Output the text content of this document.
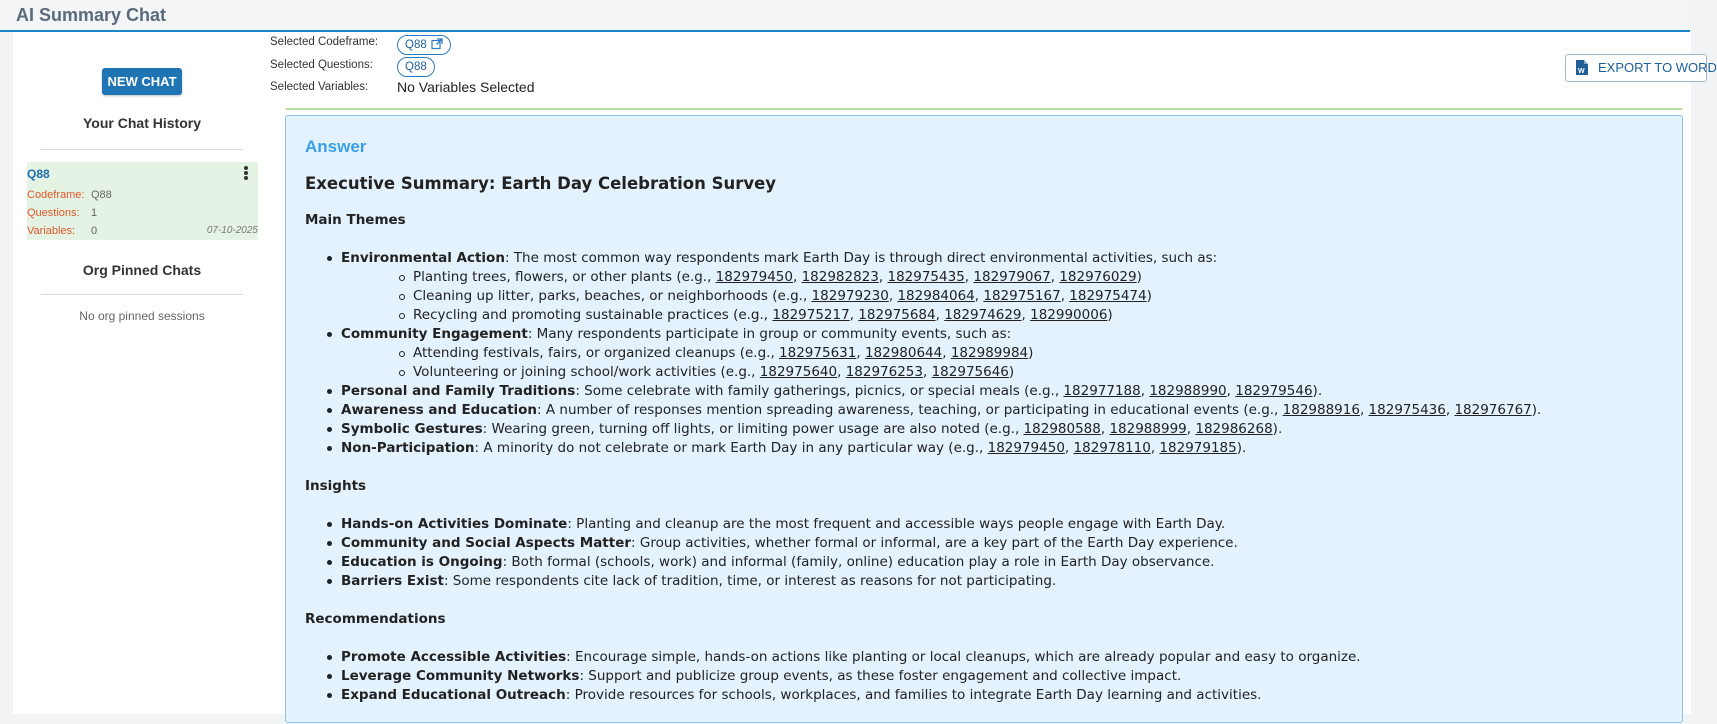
AI Summary Chat
NEW CHAT
Your Chat History
Q88
Codeframe: Q88
Questions: 1
Variables: 0	07-10-2025
Org Pinned Chats
No org pinned sessions
Selected Codeframe:	Q88
Selected Questions:	Q88
Selected Variables: No Variables Selected
W EXPORT TO WORD
Answer
Executive Summary: Earth Day Celebration Survey
Main Themes
Environmental Action: The most common way respondents mark Earth Day is through direct environmental activities, such as:
Planting trees, flowers, or other plants (e.g., 182979450, 182982823, 182975435, 182979067, 182976029)
Cleaning up litter, parks, beaches, or neighborhoods (e.g., 182979230, 182984064, 182975167, 182975474)
Recycling and promoting sustainable practices (e.g., 182975217, 182975684, 182974629, 182990006)
Community Engagement: Many respondents participate in group or community events, such as:
Attending festivals, fairs, or organized cleanups (e.g., 182975631, 182980644, 182989984)
Volunteering or joining school/work activities (e.g., 182975640, 182976253, 182975646)
Personal and Family Traditions: Some celebrate with family gatherings, picnics, or special meals (e.g., 182977188, 182988990, 182979546).
Awareness and Education: A number of responses mention spreading awareness, teaching, or participating in educational events (e.g., 182988916, 182975436, 182976767).
Symbolic Gestures: Wearing green, turning off lights, or limiting power usage are also noted (e.g., 182980588, 182988999, 182986268).
Non-Participation: A minority do not celebrate or mark Earth Day in any particular way (e.g., 182979450, 182978110, 182979185).
Insights
Hands-on Activities Dominate: Planting and cleanup are the most frequent and accessible ways people engage with Earth Day.
Community and Social Aspects Matter: Group activities, whether formal or informal, are a key part of the Earth Day experience.
Education is Ongoing: Both formal (schools, work) and informal (family, online) education play a role in Earth Day observance.
Barriers Exist: Some respondents cite lack of tradition, time, or interest as reasons for not participating.
Recommendations
Promote Accessible Activities: Encourage simple, hands-on actions like planting or local cleanups, which are already popular and easy to organize.
Leverage Community Networks: Support and publicize group events, as these foster engagement and collective impact.
Expand Educational Outreach: Provide resources for schools, workplaces, and families to integrate Earth Day learning and activities.
